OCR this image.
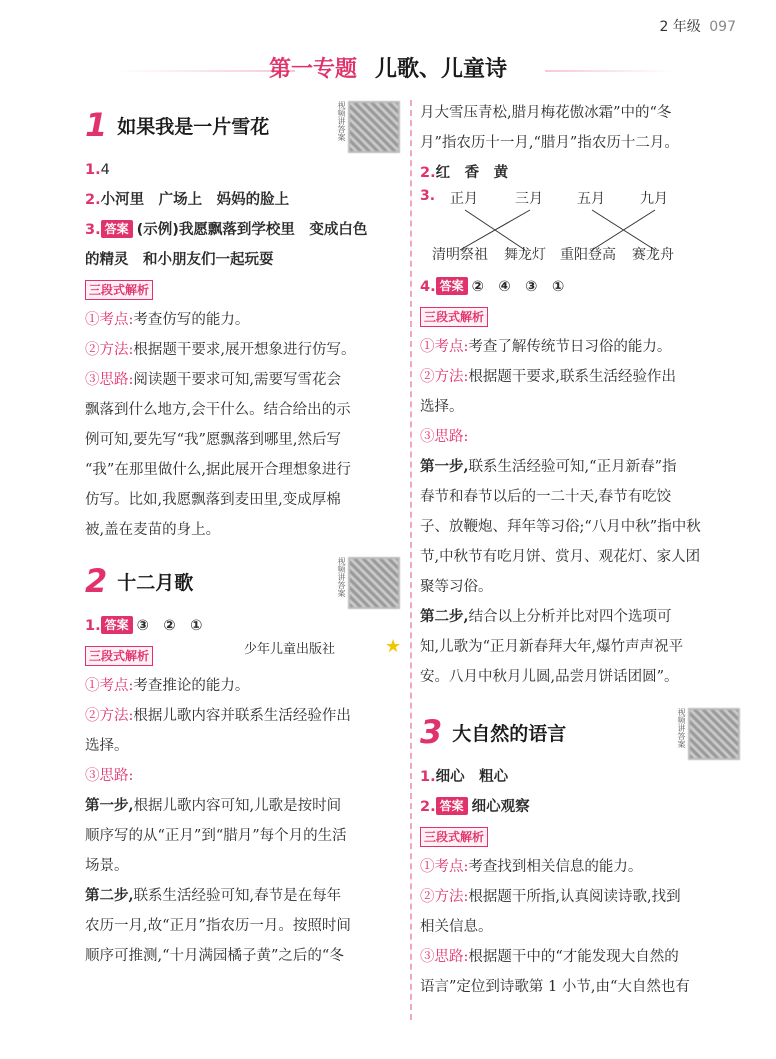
2 年级 097
第一专题 儿歌、儿童诗
1 如果我是一片雪花	视频讲答案
1.4
2.小河里　广场上　妈妈的脸上
3. 答案 (示例)我愿飘落到学校里　变成白色
的精灵　和小朋友们一起玩耍
三段式解析
①考点:考查仿写的能力。
②方法:根据题干要求,展开想象进行仿写。
③思路:阅读题干要求可知,需要写雪花会
飘落到什么地方,会干什么。结合给出的示
例可知,要先写“我”愿飘落到哪里,然后写
“我”在那里做什么,据此展开合理想象进行
仿写。比如,我愿飘落到麦田里,变成厚棉
被,盖在麦苗的身上。
2 十二月歌	视频讲答案
1. 答案 ③　②　①
三段式解析
①考点:考查推论的能力。
②方法:根据儿歌内容并联系生活经验作出
选择。
③思路:
第一步,根据儿歌内容可知,儿歌是按时间
顺序写的从“正月”到“腊月”每个月的生活
场景。
第二步,联系生活经验可知,春节是在每年
农历一月,故“正月”指农历一月。按照时间
顺序可推测,“十月满园橘子黄”之后的“冬
少年儿童出版社	★
月大雪压青松,腊月梅花傲冰霜”中的“冬
月”指农历十一月,“腊月”指农历十二月。
2.红　香　黄
3. 正月	三月 五月	九月
清明祭祖 舞龙灯 重阳登高 赛龙舟
4. 答案 ②　④　③　①
三段式解析
①考点:考查了解传统节日习俗的能力。
②方法:根据题干要求,联系生活经验作出
选择。
③思路:
第一步,联系生活经验可知,“正月新春”指
春节和春节以后的一二十天,春节有吃饺
子、放鞭炮、拜年等习俗;“八月中秋”指中秋
节,中秋节有吃月饼、赏月、观花灯、家人团
聚等习俗。
第二步,结合以上分析并比对四个选项可
知,儿歌为“正月新春拜大年,爆竹声声祝平
安。八月中秋月儿圆,品尝月饼话团圆”。
3 大自然的语言	视频讲答案
1.细心　粗心
2. 答案 细心观察
三段式解析
①考点:考查找到相关信息的能力。
②方法:根据题干所指,认真阅读诗歌,找到
相关信息。
③思路:根据题干中的“才能发现大自然的
语言”定位到诗歌第 1 小节,由“大自然也有
